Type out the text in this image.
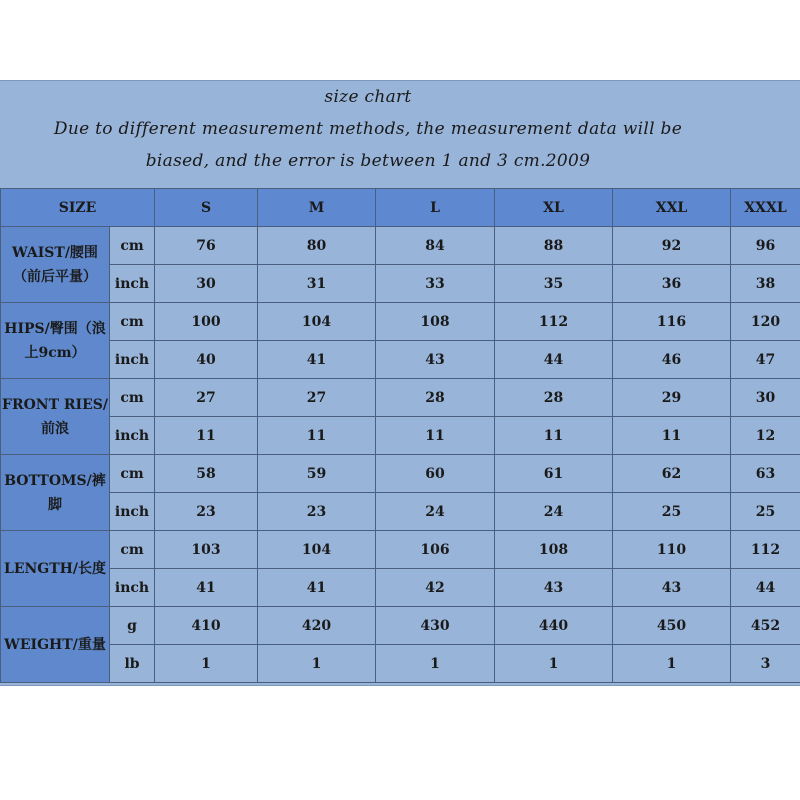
size chart
Due to different measurement methods, the measurement data will be
biased, and the error is between 1 and 3 cm.2009
SIZE		S	M	L	XL	XXL	XXXL
WAIST/腰围（前后平量）	cm	76	80	84	88	92	96
	inch	30	31	33	35	36	38
HIPS/臀围（浪上9cm）	cm	100	104	108	112	116	120
	inch	40	41	43	44	46	47
FRONT RIES/前浪	cm	27	27	28	28	29	30
	inch	11	11	11	11	11	12
BOTTOMS/裤脚	cm	58	59	60	61	62	63
	inch	23	23	24	24	25	25
LENGTH/长度	cm	103	104	106	108	110	112
	inch	41	41	42	43	43	44
WEIGHT/重量	g	410	420	430	440	450	452
	lb	1	1	1	1	1	3
